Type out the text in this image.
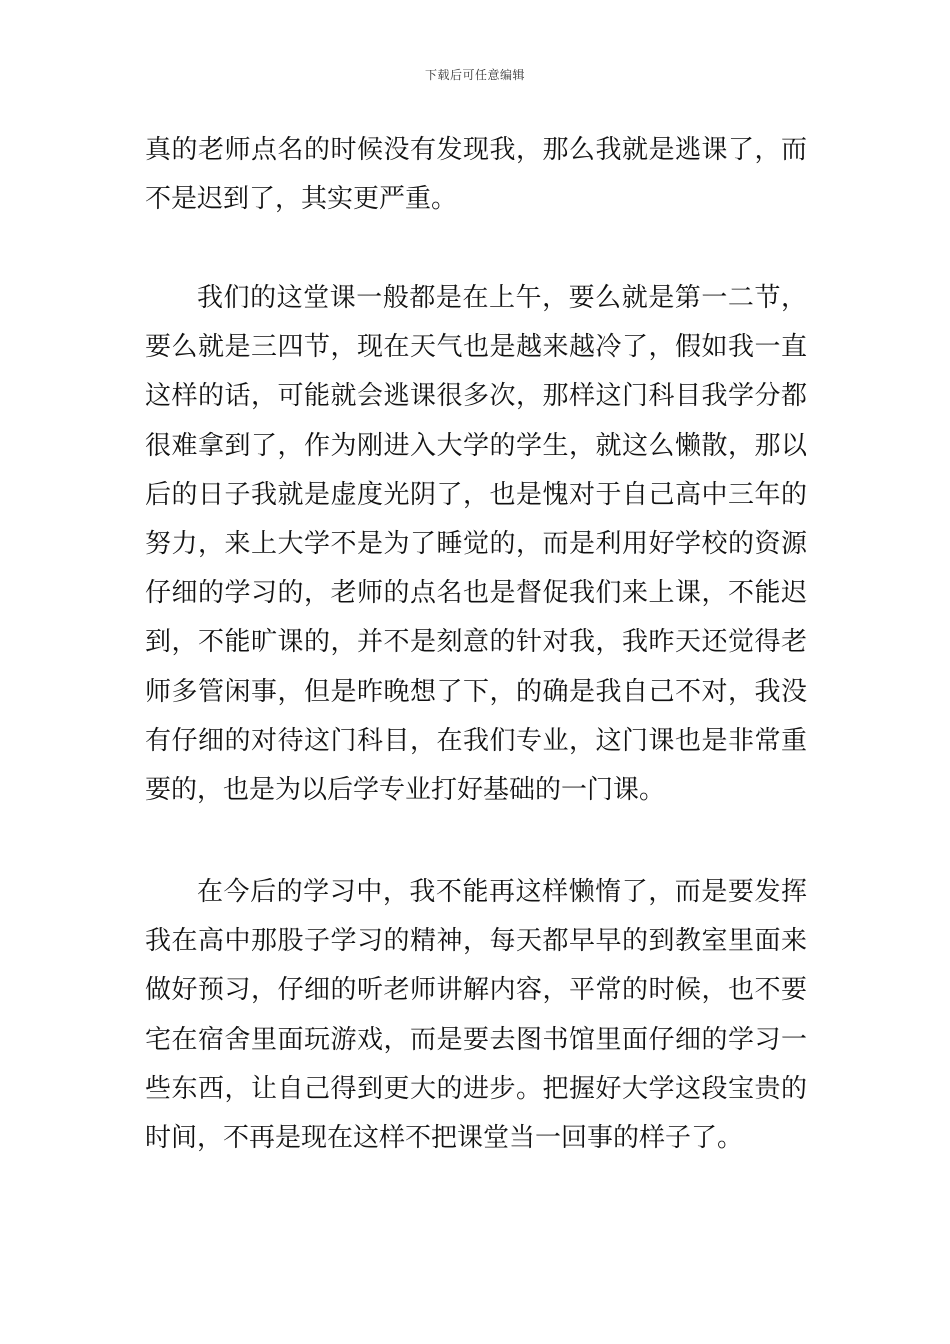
下载后可任意编辑
真的老师点名的时候没有发现我，那么我就是逃课了，而
不是迟到了，其实更严重。
我们的这堂课一般都是在上午，要么就是第一二节，
要么就是三四节，现在天气也是越来越冷了，假如我一直
这样的话，可能就会逃课很多次，那样这门科目我学分都
很难拿到了，作为刚进入大学的学生，就这么懒散，那以
后的日子我就是虚度光阴了，也是愧对于自己高中三年的
努力，来上大学不是为了睡觉的，而是利用好学校的资源
仔细的学习的，老师的点名也是督促我们来上课，不能迟
到，不能旷课的，并不是刻意的针对我，我昨天还觉得老
师多管闲事，但是昨晚想了下，的确是我自己不对，我没
有仔细的对待这门科目，在我们专业，这门课也是非常重
要的，也是为以后学专业打好基础的一门课。
在今后的学习中，我不能再这样懒惰了，而是要发挥
我在高中那股子学习的精神，每天都早早的到教室里面来
做好预习，仔细的听老师讲解内容，平常的时候，也不要
宅在宿舍里面玩游戏，而是要去图书馆里面仔细的学习一
些东西，让自己得到更大的进步。把握好大学这段宝贵的
时间，不再是现在这样不把课堂当一回事的样子了。
